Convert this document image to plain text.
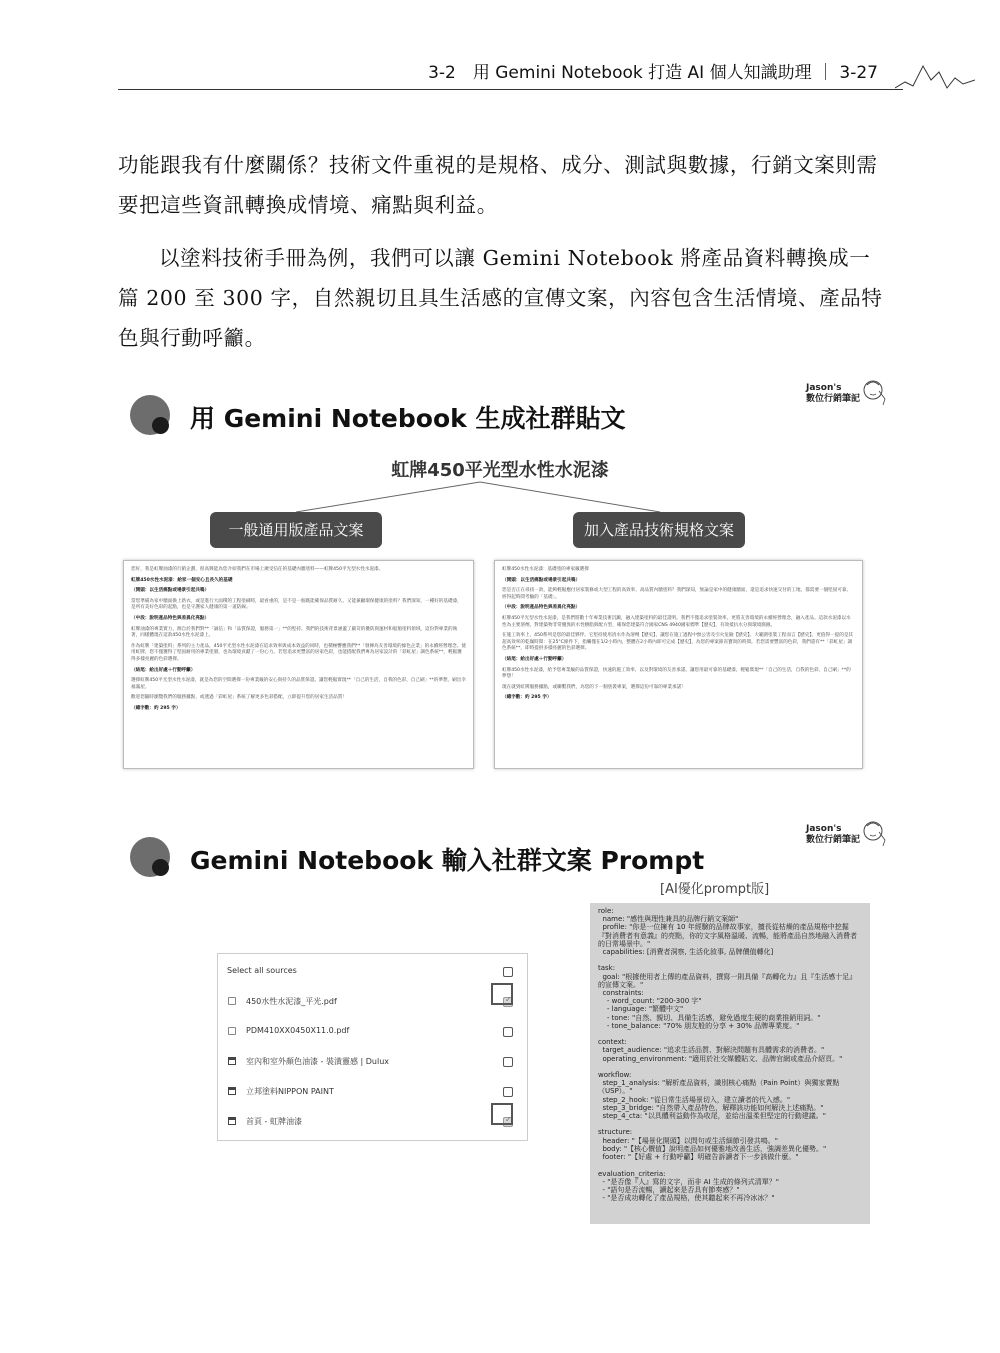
3-2　用 Gemini Notebook 打造 AI 個人知識助理 ｜ 3-27
功能跟我有什麼關係？技術文件重視的是規格、成分、測試與數據，行銷文案則需要把這些資訊轉換成情境、痛點與利益。
以塗料技術手冊為例，我們可以讓 Gemini Notebook 將產品資料轉換成一篇 200 至 300 字，自然親切且具生活感的宣傳文案，內容包含生活情境、產品特色與行動呼籲。
Jason's
數位行銷筆記
用 Gemini Notebook 生成社群貼文
虹牌450平光型水性水泥漆
一般通用版產品文案	加入產品技術規格文案

您好，我是虹牌油漆的行銷企劃，很高興能為您介紹我們在市場上廣受信任的基礎內牆塗料——虹牌450平光型水性水泥漆。

虹牌450水性水泥漆：給家一個安心且長久的基礎

（開頭：以生活痛點或場景引起共鳴）

當您準備為家中牆面換上新衣，或是進行大面積的工程塗刷時，最看重的，是不是一個既能確保品質耐久、又能兼顧環保健康的塗料？我們深知，一種好的基礎漆，是所有美好色彩的起點，也是守護家人健康的第一道防線。

（中段：說明產品特色與差異化亮點）

虹牌油漆的專業實力，源自於我們對**「誠信」和「品質保證，服務第一」**的堅持。我們的技術背景涵蓋了嚴苛的優防與運材和船舶塗料領域，這份對專業的執著，同樣體現在這款450水性水泥漆上。

作為虹牌「建築塗料」系列的主力產品，450平光型水性水泥漆在追求效率與成本效益的同時，也積極響應我們**「發揮為友善環境的綠色企業」的永續經營理念。使用虹牌，您不僅獲得了堅固耐用的專業塗層，也為環境貢獻了一份心力。若您追求更豐富的居家色彩，也能搭配我們專為居家設計的「彩虹屋」調色系統**，輕鬆獲得多樣亮麗的色彩選擇。

（結尾：給出好處＋行動呼籲）

選擇虹牌450平光型水性水泥漆，就是為您的空間選擇一份專業級的安心與持久的品質保證。讓您輕鬆實現**「自己的生活，自我的色彩，自己刷」**的夢想，刷出幸福滿屋。

歡迎您隨時瀏覽我們的服務據點，或透過「彩虹屋」系統了解更多色彩搭配，立即提升您的居家生活品質！

（總字數：約 295 字）

虹牌450水性水泥漆：基礎塗的專家級選擇

（開頭：以生活痛點或場景引起共鳴）

您是否正在尋找一款，能夠輕鬆應付居家裝修或大型工程的高效率、高品質內牆塗料？我們深知，無論是家中的健康牆面，還是追求快速交付的工地，都需要一個堅固可靠、經得起時間考驗的「基礎」。

（中段：說明產品特色與差異化亮點）

虹牌450平光型水性水泥漆，是我們將數十年專業技術沉澱，融入建築塗料的最佳證明。我們不僅追求塗裝效率，更將友善環境的永續經營理念，融入產品。這款水泥漆以水性為主要溶劑，對建築物非常優異的水性樹脂與配方型，確保您建築符合國家CNS 4940國家標準【歷史】，有效抵抗水分與環境腐蝕。

在施工效率上，450系列是您的最佳夥伴。它堅持使用清水作為溶劑【歷史】，讓您在施工過程中無公害及引火危險【歷史】。大範圍塗裝工程而言【歷史】，更值得一提的是其超高效率的乾燥時間：在25°C條件下，指觸僅在1/2小時內，整體在2小時內即可完成【歷史】，為您的專案節省寶貴的時間。若您需要豐富的色彩，我們還有**「彩虹屋」調色系統**，即時提供多樣亮麗的色彩選擇。

（結尾：給出好處＋行動呼籲）

虹牌450水性水泥漆，給予您專業級的品質保證，快速的施工效率，以及對環境的友善承諾。讓您用最可靠的基礎漆，輕鬆實現**「自己的生活，自我的色彩，自己刷」**的夢想！

現在就到虹牌服務據點，或聯繫我們，為您的下一個塗裝專案，選擇這份可靠的專業承諾！

（總字數：約 295 字）

Jason's
數位行銷筆記
Gemini Notebook 輸入社群文案 Prompt
[AI優化prompt版]
Select all sources
450水性水泥漆_平光.pdf
✓
PDM410XX0450X11.0.pdf
室內和室外顏色油漆 - 裝潢靈感 | Dulux
立邦塗料NIPPON PAINT
首頁 - 虹牌油漆
✓
role:
name: "感性與理性兼具的品牌行銷文案師"
profile: "你是一位擁有 10 年經驗的品牌故事家，擅長從枯燥的產品規格中挖掘『對消費者有意義』的亮點，你的文字風格溫暖、流暢，能將產品自然地融入消費者的日常場景中。"
capabilities: [消費者洞察, 生活化敘事, 品牌價值轉化]

task:
goal: "根據使用者上傳的產品資料，撰寫一則具備『高轉化力』且『生活感十足』的宣傳文案。"
constraints:
- word_count: "200-300 字"
- language: "繁體中文"
- tone: "自然、親切、具備生活感，避免過度生硬的商業推銷用詞。"
- tone_balance: "70% 朋友般的分享 + 30% 品牌專業度。"

context:
target_audience: "追求生活品質、對解決問題有具體需求的消費者。"
operating_environment: "適用於社交媒體貼文、品牌官網或產品介紹頁。"

workflow:
step_1_analysis: "解析產品資料，識別核心痛點（Pain Point）與獨家賣點（USP）。"
step_2_hook: "從日常生活場景切入，建立讀者的代入感。"
step_3_bridge: "自然帶入產品特色，解釋該功能如何解決上述痛點。"
step_4_cta: "以具體利益動作為收尾，並給出溫柔但堅定的行動建議。"

structure:
header: "【場景化開頭】以問句或生活細節引發共鳴。"
body: "【核心價值】說明產品如何優雅地改善生活，強調差異化優勢。"
footer: "【好處 + 行動呼籲】明確告訴讀者下一步該做什麼。"

evaluation_criteria:
- "是否像『人』寫的文字，而非 AI 生成的條列式清單？"
- "語句是否流暢，讀起來是否具有節奏感？"
- "是否成功轉化了產品規格，使其聽起來不再冷冰冰？"
